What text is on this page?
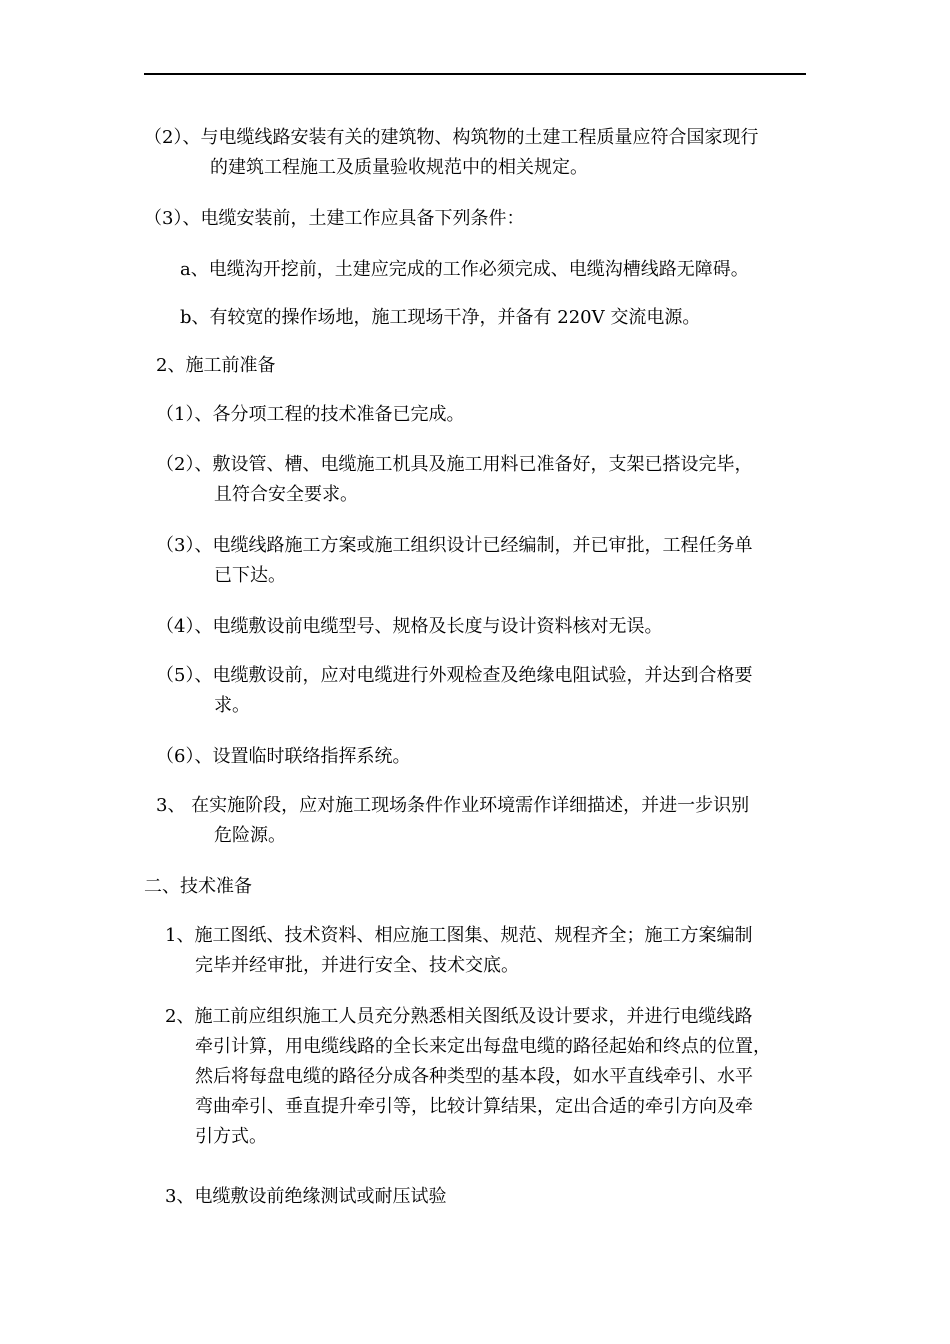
（2）、与电缆线路安装有关的建筑物、构筑物的土建工程质量应符合国家现行
的建筑工程施工及质量验收规范中的相关规定。
（3）、电缆安装前，土建工作应具备下列条件：
a、电缆沟开挖前，土建应完成的工作必须完成、电缆沟槽线路无障碍。
b、有较宽的操作场地，施工现场干净，并备有 220V 交流电源。
2、施工前准备
（1）、各分项工程的技术准备已完成。
（2）、敷设管、槽、电缆施工机具及施工用料已准备好，支架已搭设完毕，
且符合安全要求。
（3）、电缆线路施工方案或施工组织设计已经编制，并已审批，工程任务单
已下达。
（4）、电缆敷设前电缆型号、规格及长度与设计资料核对无误。
（5）、电缆敷设前，应对电缆进行外观检查及绝缘电阻试验，并达到合格要
求。
（6）、设置临时联络指挥系统。
3、 在实施阶段，应对施工现场条件作业环境需作详细描述，并进一步识别
危险源。
二、技术准备
1、施工图纸、技术资料、相应施工图集、规范、规程齐全；施工方案编制
完毕并经审批，并进行安全、技术交底。
2、施工前应组织施工人员充分熟悉相关图纸及设计要求，并进行电缆线路
牵引计算，用电缆线路的全长来定出每盘电缆的路径起始和终点的位置，
然后将每盘电缆的路径分成各种类型的基本段，如水平直线牵引、水平
弯曲牵引、垂直提升牵引等，比较计算结果，定出合适的牵引方向及牵
引方式。
3、电缆敷设前绝缘测试或耐压试验
